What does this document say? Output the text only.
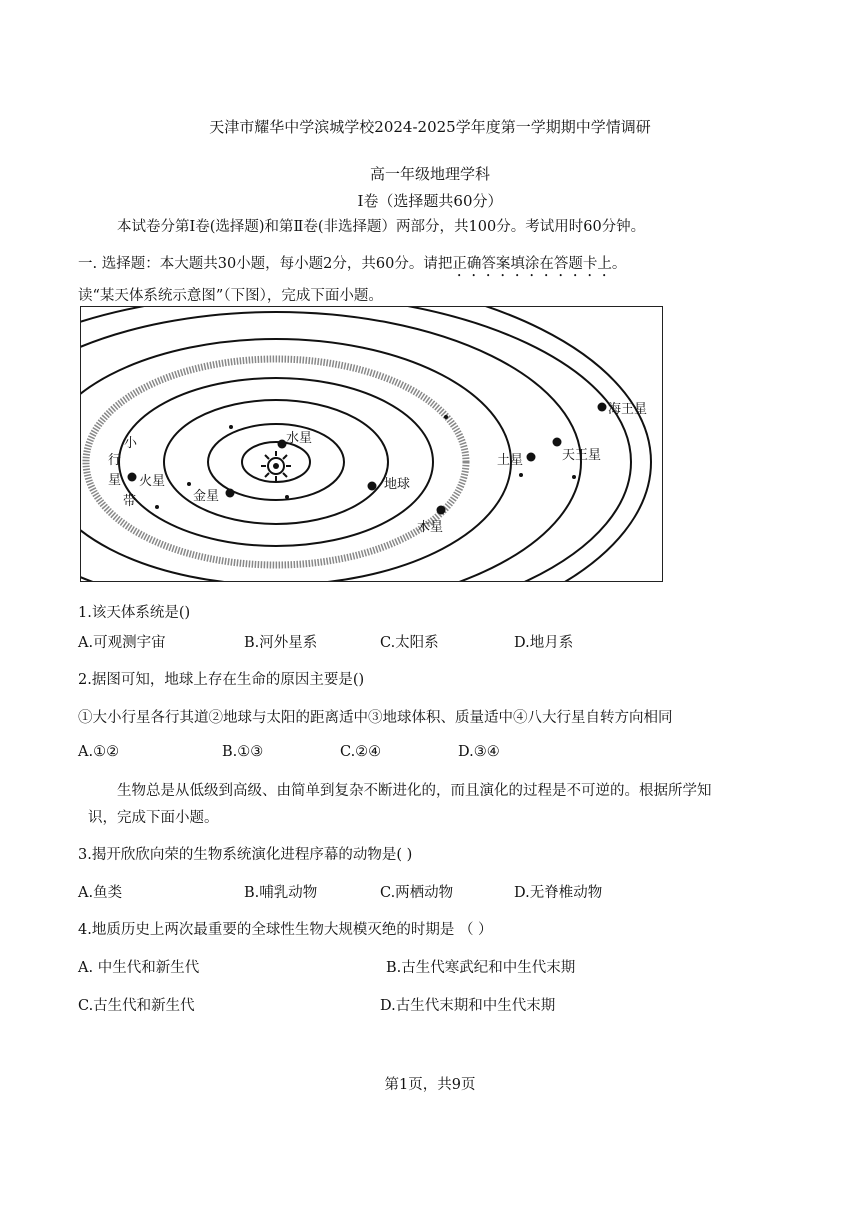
天津市耀华中学滨城学校2024-2025学年度第一学期期中学情调研
高一年级地理学科
Ⅰ卷（选择题共60分）
本试卷分第Ⅰ卷(选择题)和第Ⅱ卷(非选择题）两部分，共100分。考试用时60分钟。
一. 选择题：本大题共30小题，每小题2分，共60分。请把正确答案填涂在答题卡上。
读“某天体系统示意图”（下图），完成下面小题。
水星
金星
地球
火星
木星
土星	天王星
海王星
小
行
星
带
1.该天体系统是()
A.可观测宇宙	B.河外星系	C.太阳系	D.地月系
2.据图可知，地球上存在生命的原因主要是()
①大小行星各行其道②地球与太阳的距离适中③地球体积、质量适中④八大行星自转方向相同
A.①②	B.①③	C.②④	D.③④
生物总是从低级到高级、由简单到复杂不断进化的，而且演化的过程是不可逆的。根据所学知
识，完成下面小题。
3.揭开欣欣向荣的生物系统演化进程序幕的动物是( )
A.鱼类	B.哺乳动物	C.两栖动物	D.无脊椎动物
4.地质历史上两次最重要的全球性生物大规模灭绝的时期是 （ ）
A. 中生代和新生代	B.古生代寒武纪和中生代末期
C.古生代和新生代	D.古生代末期和中生代末期
第1页，共9页
